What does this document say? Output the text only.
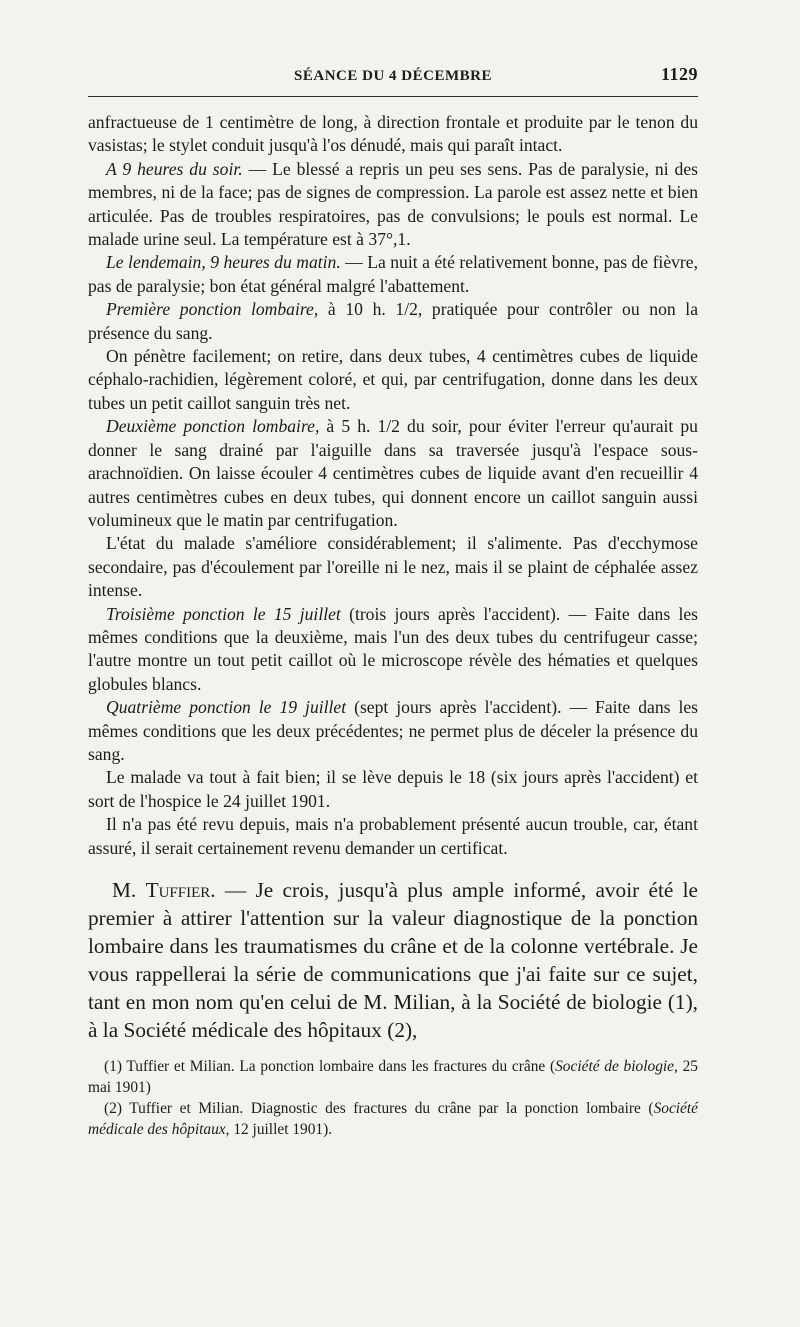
SÉANCE DU 4 DÉCEMBRE	1129

anfractueuse de 1 centimètre de long, à direction frontale et produite par le tenon du vasistas; le stylet conduit jusqu'à l'os dénudé, mais qui paraît intact.

A 9 heures du soir. — Le blessé a repris un peu ses sens. Pas de paralysie, ni des membres, ni de la face; pas de signes de compression. La parole est assez nette et bien articulée. Pas de troubles respiratoires, pas de convulsions; le pouls est normal. Le malade urine seul. La température est à 37°,1.

Le lendemain, 9 heures du matin. — La nuit a été relativement bonne, pas de fièvre, pas de paralysie; bon état général malgré l'abattement.

Première ponction lombaire, à 10 h. 1/2, pratiquée pour contrôler ou non la présence du sang.

On pénètre facilement; on retire, dans deux tubes, 4 centimètres cubes de liquide céphalo-rachidien, légèrement coloré, et qui, par centrifugation, donne dans les deux tubes un petit caillot sanguin très net.

Deuxième ponction lombaire, à 5 h. 1/2 du soir, pour éviter l'erreur qu'aurait pu donner le sang drainé par l'aiguille dans sa traversée jusqu'à l'espace sous-arachnoïdien. On laisse écouler 4 centimètres cubes de liquide avant d'en recueillir 4 autres centimètres cubes en deux tubes, qui donnent encore un caillot sanguin aussi volumineux que le matin par centrifugation.

L'état du malade s'améliore considérablement; il s'alimente. Pas d'ecchymose secondaire, pas d'écoulement par l'oreille ni le nez, mais il se plaint de céphalée assez intense.

Troisième ponction le 15 juillet (trois jours après l'accident). — Faite dans les mêmes conditions que la deuxième, mais l'un des deux tubes du centrifugeur casse; l'autre montre un tout petit caillot où le microscope révèle des hématies et quelques globules blancs.

Quatrième ponction le 19 juillet (sept jours après l'accident). — Faite dans les mêmes conditions que les deux précédentes; ne permet plus de déceler la présence du sang.

Le malade va tout à fait bien; il se lève depuis le 18 (six jours après l'accident) et sort de l'hospice le 24 juillet 1901.

Il n'a pas été revu depuis, mais n'a probablement présenté aucun trouble, car, étant assuré, il serait certainement revenu demander un certificat.

M. Tuffier. — Je crois, jusqu'à plus ample informé, avoir été le premier à attirer l'attention sur la valeur diagnostique de la ponction lombaire dans les traumatismes du crâne et de la colonne vertébrale. Je vous rappellerai la série de communications que j'ai faite sur ce sujet, tant en mon nom qu'en celui de M. Milian, à la Société de biologie (1), à la Société médicale des hôpitaux (2),

(1) Tuffier et Milian. La ponction lombaire dans les fractures du crâne (Société de biologie, 25 mai 1901)

(2) Tuffier et Milian. Diagnostic des fractures du crâne par la ponction lombaire (Société médicale des hôpitaux, 12 juillet 1901).
